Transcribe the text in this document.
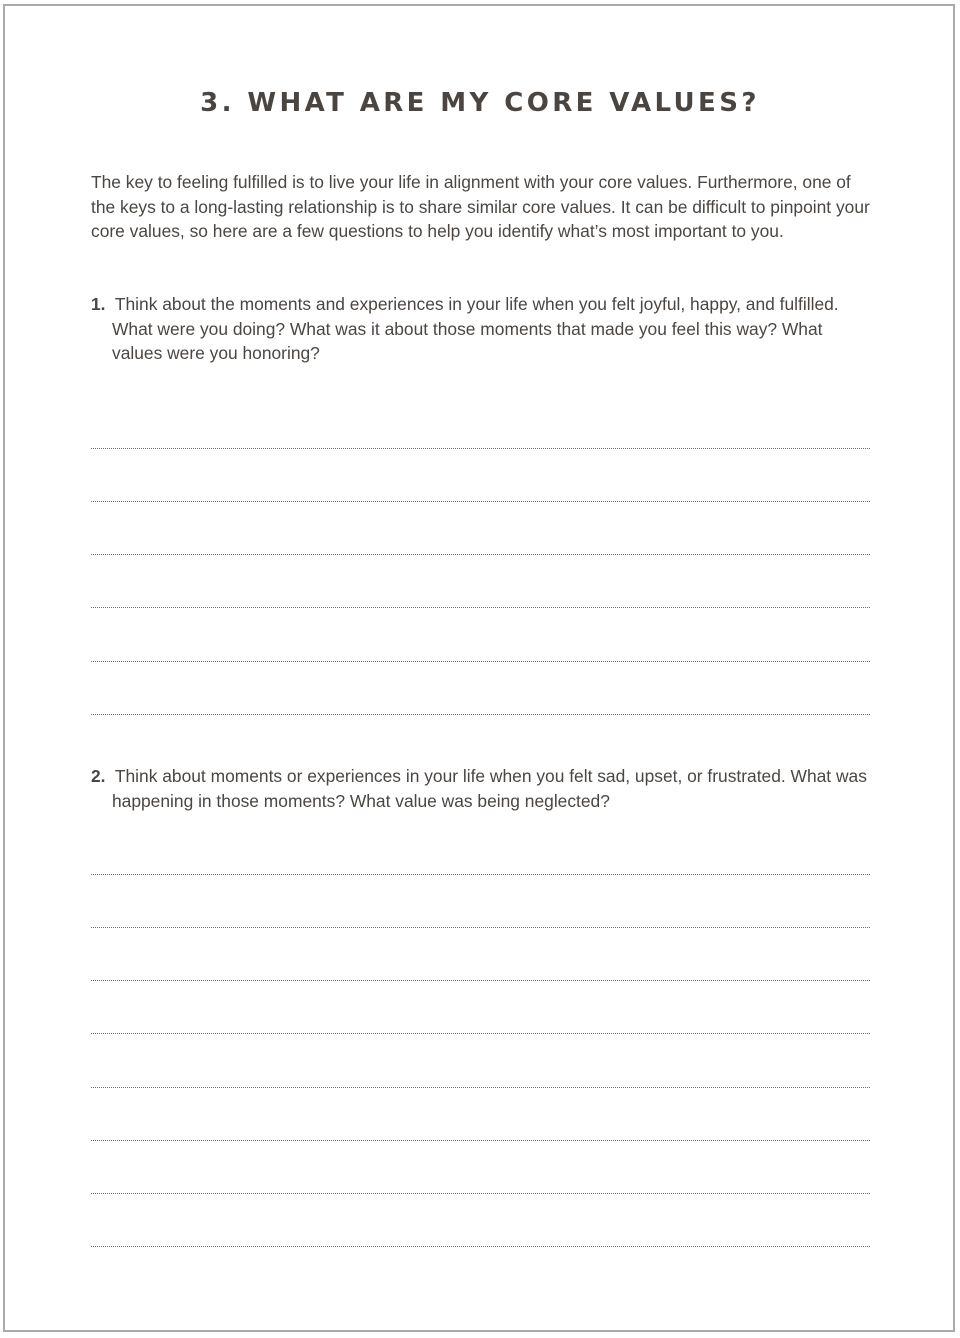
3. WHAT ARE MY CORE VALUES?

The key to feeling fulfilled is to live your life in alignment with your core values. Furthermore, one of the keys to a long-lasting relationship is to share similar core values. It can be difficult to pinpoint your core values, so here are a few questions to help you identify what’s most important to you.

1. Think about the moments and experiences in your life when you felt joyful, happy, and fulfilled. What were you doing? What was it about those moments that made you feel this way? What values were you honoring?

2. Think about moments or experiences in your life when you felt sad, upset, or frustrated. What was happening in those moments? What value was being neglected?
